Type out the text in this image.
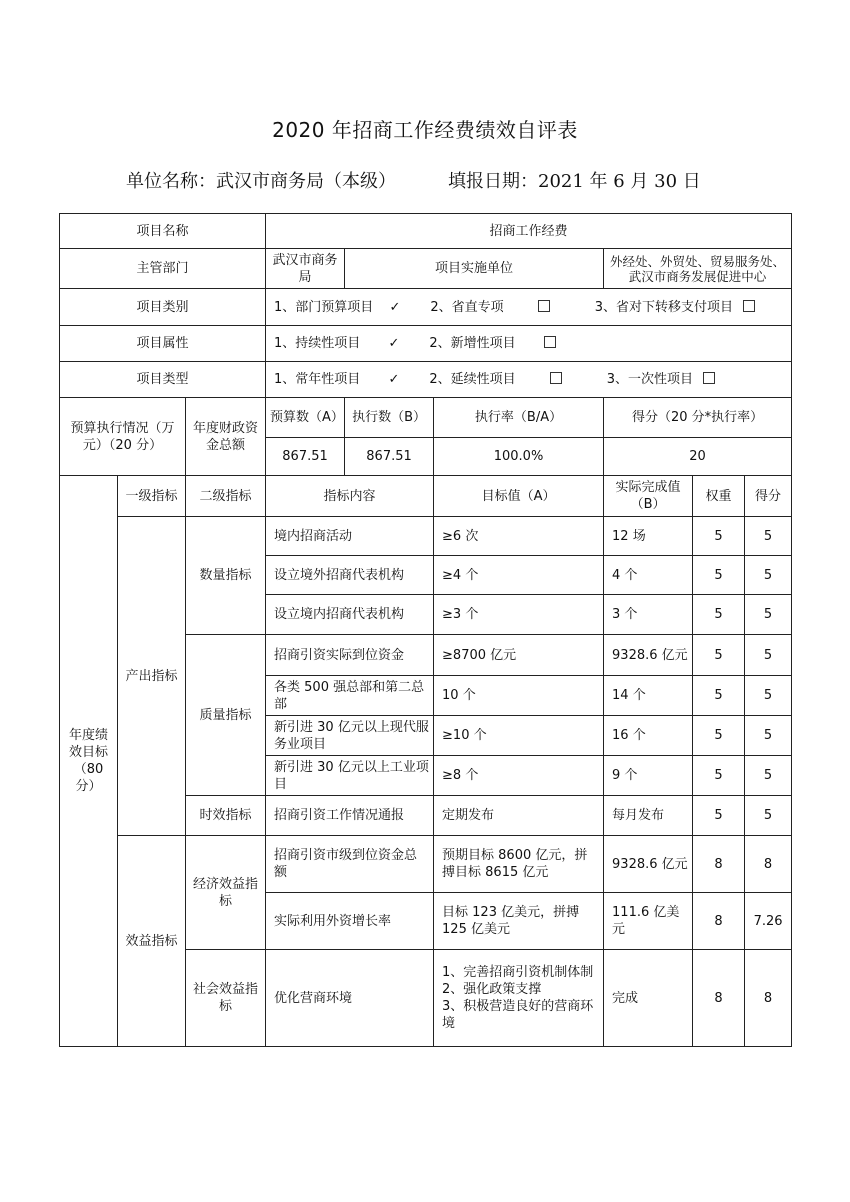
2020 年招商工作经费绩效自评表
单位名称：武汉市商务局（本级）	填报日期：2021 年 6 月 30 日
项目名称			招商工作经费					
主管部门			武汉市商务局	项目实施单位		外经处、外贸处、贸易服务处、武汉市商务发展促进中心		
项目类别			1、部门预算项目 ✓ 2、省直专项 3、省对下转移支付项目					
项目属性			1、持续性项目 ✓ 2、新增性项目					
项目类型			1、常年性项目 ✓ 2、延续性项目 3、一次性项目					
预算执行情况（万元）（20 分）		年度财政资金总额	预算数（A）	执行数（B）	执行率（B/A）	得分（20 分*执行率）		
			867.51	867.51	100.0%	20		
年度绩效目标（80 分）	一级指标	二级指标	指标内容		目标值（A）	实际完成值（B）	权重	得分
	产出指标	数量指标	境内招商活动		≥6 次	12 场	5	5
			设立境外招商代表机构		≥4 个	4 个	5	5
			设立境内招商代表机构		≥3 个	3 个	5	5
		质量指标	招商引资实际到位资金		≥8700 亿元	9328.6 亿元	5	5
			各类 500 强总部和第二总部		10 个	14 个	5	5
			新引进 30 亿元以上现代服务业项目		≥10 个	16 个	5	5
			新引进 30 亿元以上工业项目		≥8 个	9 个	5	5
		时效指标	招商引资工作情况通报		定期发布	每月发布	5	5
	效益指标	经济效益指标	招商引资市级到位资金总额		预期目标 8600 亿元，拼搏目标 8615 亿元	9328.6 亿元	8	8
			实际利用外资增长率		目标 123 亿美元，拼搏 125 亿美元	111.6 亿美元	8	7.26
		社会效益指标	优化营商环境		1、完善招商引资机制体制
2、强化政策支撑
3、积极营造良好的营商环境	完成	8	8
